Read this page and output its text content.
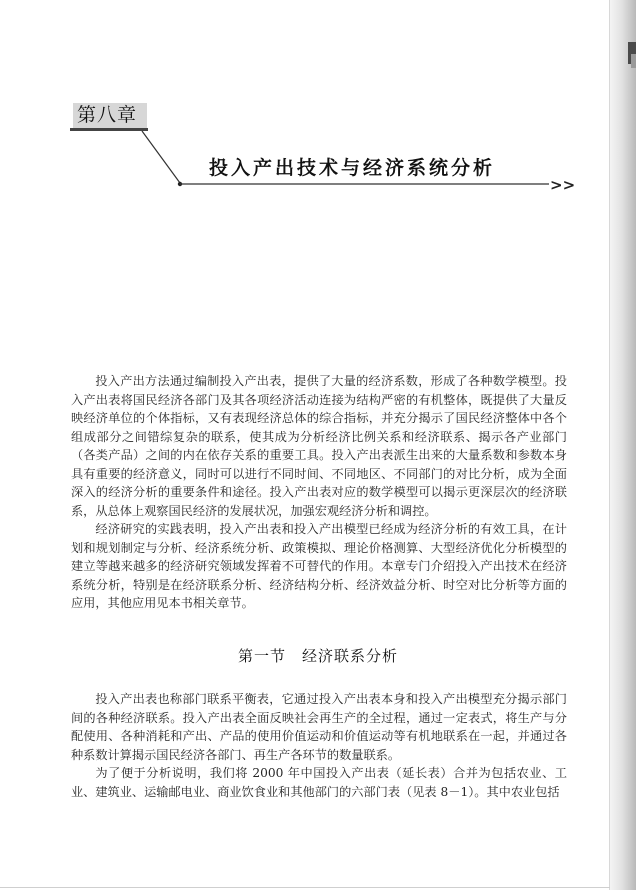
第八章
>>
投入产出技术与经济系统分析

投入产出方法通过编制投入产出表，提供了大量的经济系数，形成了各种数学模型。投入产出表将国民经济各部门及其各项经济活动连接为结构严密的有机整体，既提供了大量反映经济单位的个体指标，又有表现经济总体的综合指标，并充分揭示了国民经济整体中各个组成部分之间错综复杂的联系，使其成为分析经济比例关系和经济联系、揭示各产业部门（各类产品）之间的内在依存关系的重要工具。投入产出表派生出来的大量系数和参数本身具有重要的经济意义，同时可以进行不同时间、不同地区、不同部门的对比分析，成为全面深入的经济分析的重要条件和途径。投入产出表对应的数学模型可以揭示更深层次的经济联系，从总体上观察国民经济的发展状况，加强宏观经济分析和调控。

经济研究的实践表明，投入产出表和投入产出模型已经成为经济分析的有效工具，在计划和规划制定与分析、经济系统分析、政策模拟、理论价格测算、大型经济优化分析模型的建立等越来越多的经济研究领域发挥着不可替代的作用。本章专门介绍投入产出技术在经济系统分析，特别是在经济联系分析、经济结构分析、经济效益分析、时空对比分析等方面的应用，其他应用见本书相关章节。

第一节　经济联系分析

投入产出表也称部门联系平衡表，它通过投入产出表本身和投入产出模型充分揭示部门间的各种经济联系。投入产出表全面反映社会再生产的全过程，通过一定表式，将生产与分配使用、各种消耗和产出、产品的使用价值运动和价值运动等有机地联系在一起，并通过各种系数计算揭示国民经济各部门、再生产各环节的数量联系。

为了便于分析说明，我们将 2000 年中国投入产出表（延长表）合并为包括农业、工业、建筑业、运输邮电业、商业饮食业和其他部门的六部门表（见表 8－1）。其中农业包括
